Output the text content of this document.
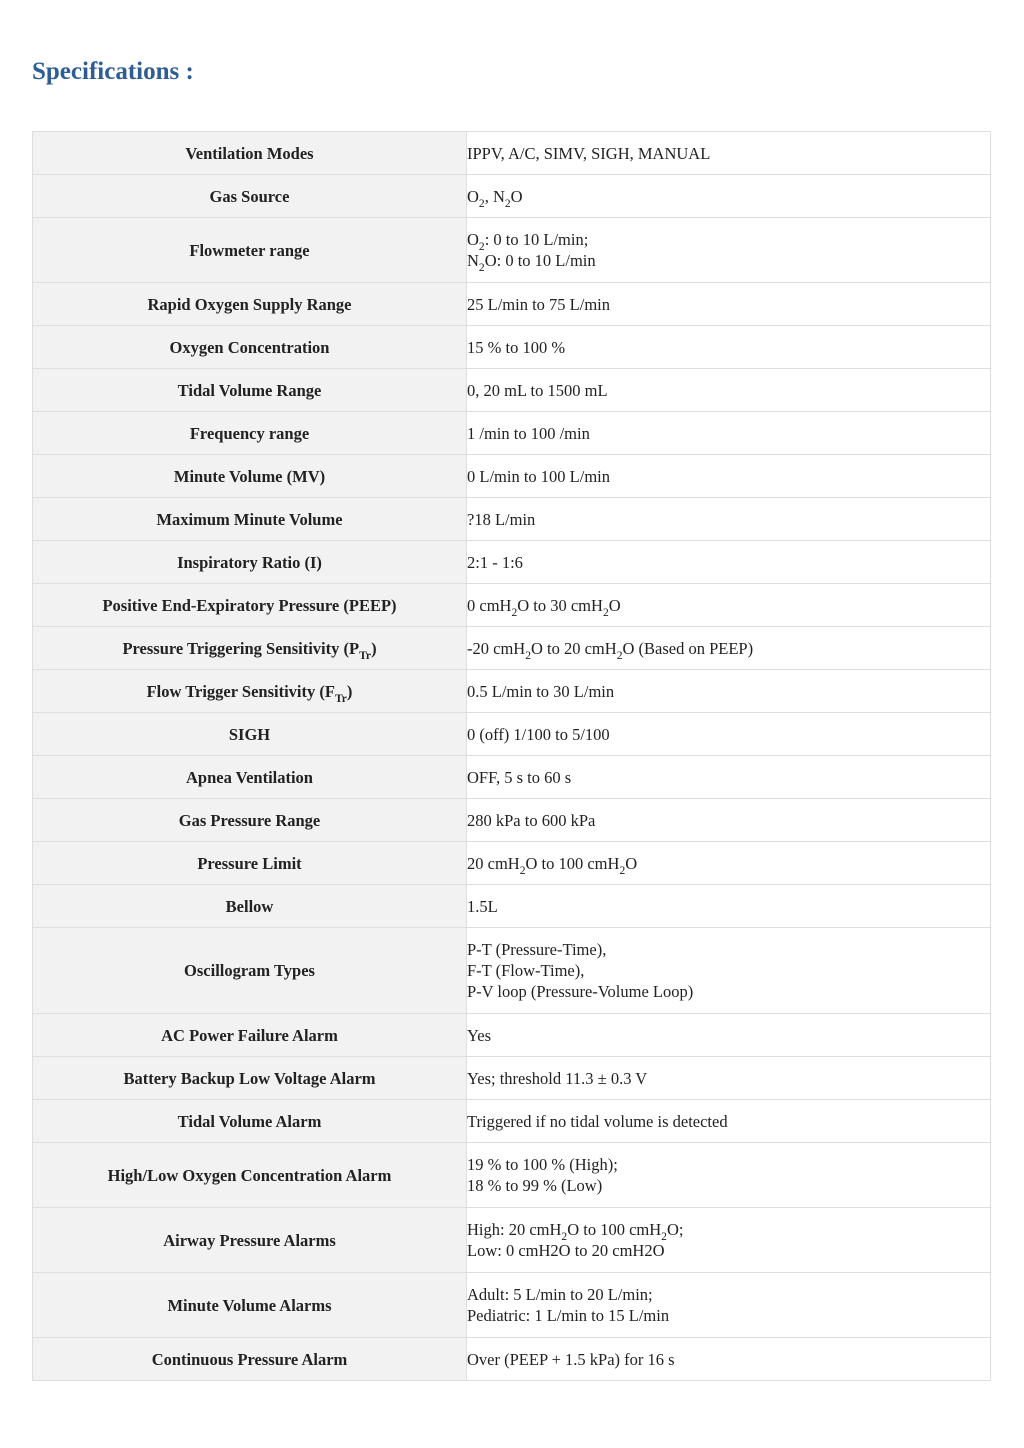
Specifications :
Ventilation Modes	IPPV, A/C, SIMV, SIGH, MANUAL
Gas Source	$O_2$, $N_2O$
Flowmeter range	$O_2$: 0 to 10 L/min;
$N_2O$: 0 to 10 L/min
Rapid Oxygen Supply Range	25 L/min to 75 L/min
Oxygen Concentration	15 % to 100 %
Tidal Volume Range	0, 20 mL to 1500 mL
Frequency range	1 /min to 100 /min
Minute Volume (MV)	0 L/min to 100 L/min
Maximum Minute Volume	?18 L/min
Inspiratory Ratio (I)	2:1 - 1:6
Positive End-Expiratory Pressure (PEEP)	0 cmH$_2$O to 30 cmH$_2$O
Pressure Triggering Sensitivity $(P_{Tr})$	-20 cmH$_2$O to 20 cmH$_2$O (Based on PEEP)
Flow Trigger Sensitivity $(F_{Tr})$	0.5 L/min to 30 L/min
SIGH	0 (off) 1/100 to 5/100
Apnea Ventilation	OFF, 5 s to 60 s
Gas Pressure Range	280 kPa to 600 kPa
Pressure Limit	20 cmH$_2$O to 100 cmH$_2$O
Bellow	1.5L
Oscillogram Types	P-T (Pressure-Time),
F-T (Flow-Time),
P-V loop (Pressure-Volume Loop)
AC Power Failure Alarm	Yes
Battery Backup Low Voltage Alarm	Yes; threshold 11.3 ± 0.3 V
Tidal Volume Alarm	Triggered if no tidal volume is detected
High/Low Oxygen Concentration Alarm	19 % to 100 % (High);
18 % to 99 % (Low)
Airway Pressure Alarms	High: 20 cmH$_2$O to 100 cmH$_2$O;
Low: 0 cmH2O to 20 cmH2O
Minute Volume Alarms	Adult: 5 L/min to 20 L/min;
Pediatric: 1 L/min to 15 L/min
Continuous Pressure Alarm	Over (PEEP + 1.5 kPa) for 16 s
